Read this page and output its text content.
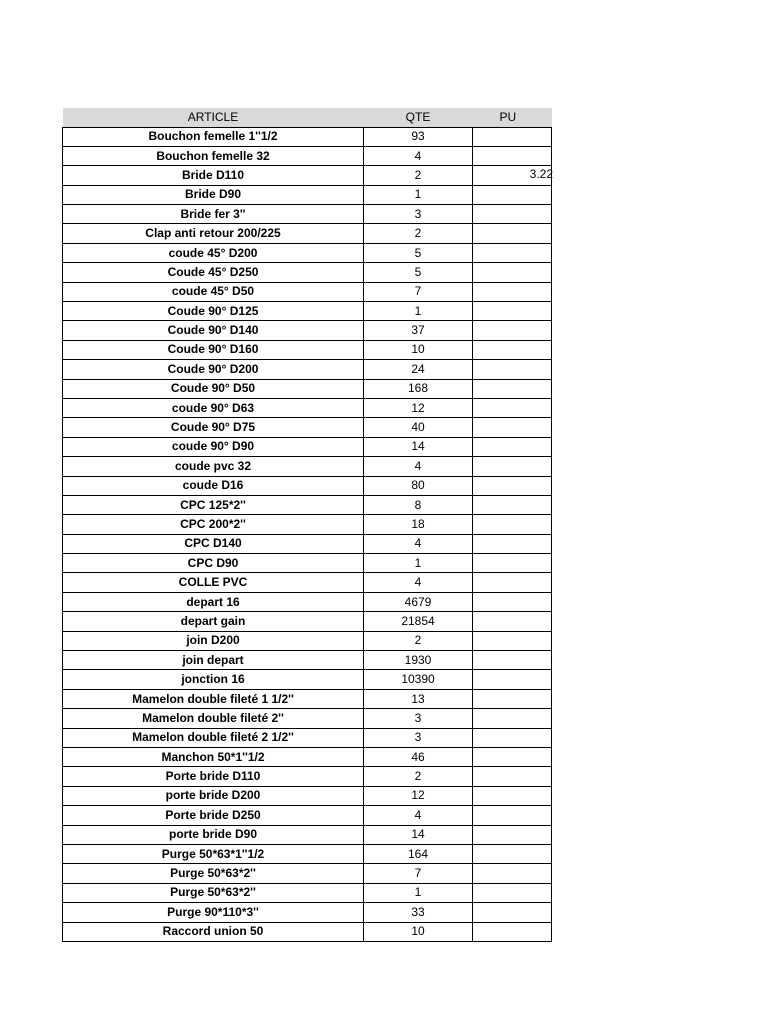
ARTICLE	QTE	PU
Bouchon femelle 1''1/2	93	

Bouchon femelle 32	4	

Bride D110	2	3.22

Bride D90	1	

Bride fer 3''	3	

Clap anti retour 200/225	2	

coude 45° D200	5	

Coude 45° D250	5	

coude 45° D50	7	

Coude 90° D125	1	

Coude 90° D140	37	

Coude 90° D160	10	

Coude 90° D200	24	

Coude 90° D50	168	

coude 90° D63	12	

Coude 90° D75	40	

coude 90° D90	14	

coude pvc 32	4	

coude D16	80	

CPC 125*2''	8	

CPC 200*2''	18	

CPC D140	4	

CPC D90	1	

COLLE PVC	4	

depart 16	4679	

depart gain	21854	

join D200	2	

join depart	1930	

jonction 16	10390	

Mamelon double fileté 1 1/2''	13	

Mamelon double fileté 2''	3	

Mamelon double fileté 2 1/2''	3	

Manchon 50*1''1/2	46	

Porte bride D110	2	

porte bride D200	12	

Porte bride D250	4	

porte bride D90	14	

Purge 50*63*1''1/2	164	

Purge 50*63*2''	7	

Purge 50*63*2''	1	

Purge 90*110*3''	33	

Raccord union 50	10	
